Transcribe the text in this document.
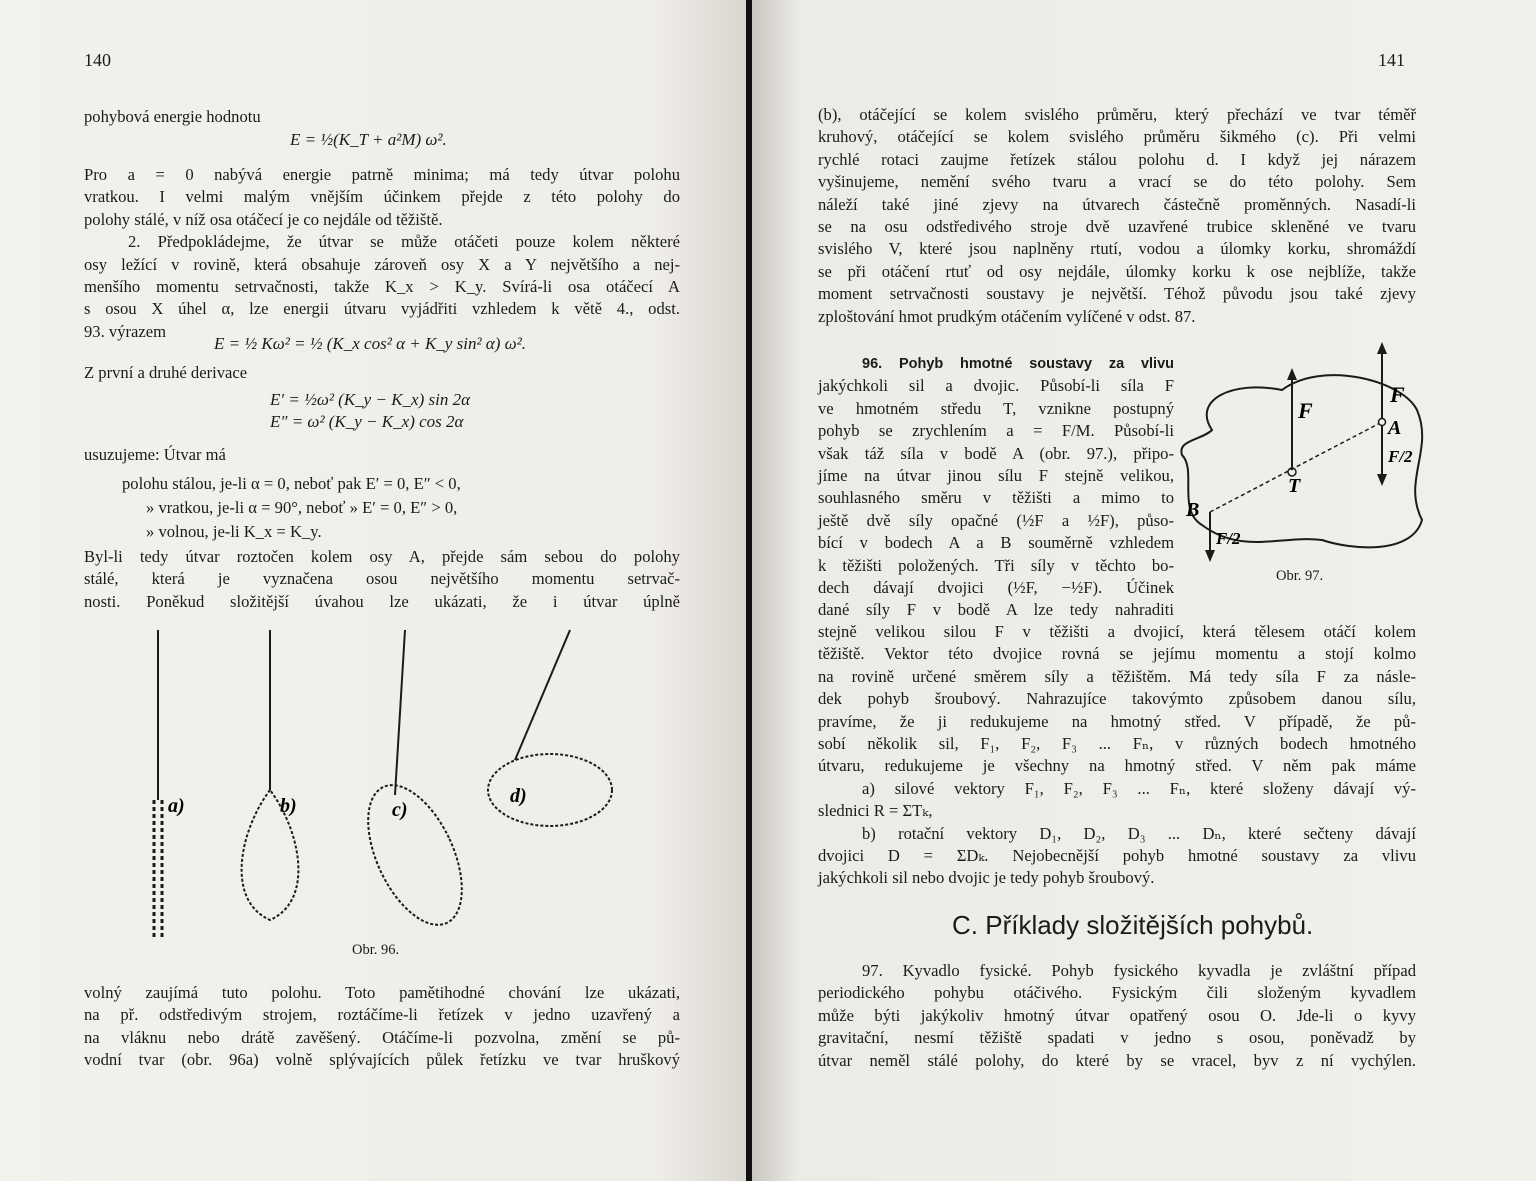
140
pohybová energie hodnotu
E = ½(K_T + a²M) ω².
Pro a = 0 nabývá energie patrně minima; má tedy útvar polohu
vratkou. I velmi malým vnějším účinkem přejde z této polohy do
polohy stálé, v níž osa otáčecí je co nejdále od těžiště.
2. Předpokládejme, že útvar se může otáčeti pouze kolem některé
osy ležící v rovině, která obsahuje zároveň osy X a Y největšího a nej-
menšího momentu setrvačnosti, takže K_x > K_y. Svírá-li osa otáčecí A
s osou X úhel α, lze energii útvaru vyjádřiti vzhledem k větě 4., odst.
93. výrazem
E = ½ Kω² = ½ (K_x cos² α + K_y sin² α) ω².
Z první a druhé derivace
E′ = ½ω² (K_y − K_x) sin 2α
E″ = ω² (K_y − K_x) cos 2α
usuzujeme: Útvar má
polohu stálou, je-li α = 0, neboť pak E′ = 0, E″ < 0,
» vratkou, je-li α = 90°, neboť » E′ = 0, E″ > 0,
» volnou, je-li K_x = K_y.
Byl-li tedy útvar roztočen kolem osy A, přejde sám sebou do polohy
stálé, která je vyznačena osou největšího momentu setrvač-
nosti. Poněkud složitější úvahou lze ukázati, že i útvar úplně
a)	b)	c)
d)
Obr. 96.
volný zaujímá tuto polohu. Toto pamětihodné chování lze ukázati,
na př. odstředivým strojem, roztáčíme-li řetízek v jedno uzavřený a
na vláknu nebo drátě zavěšený. Otáčíme-li pozvolna, změní se pů-
vodní tvar (obr. 96a) volně splývajících půlek řetízku ve tvar hruškový
141
(b), otáčející se kolem svislého průměru, který přechází ve tvar téměř
kruhový, otáčející se kolem svislého průměru šikmého (c). Při velmi
rychlé rotaci zaujme řetízek stálou polohu d. I když jej nárazem
vyšinujeme, nemění svého tvaru a vrací se do této polohy. Sem
náleží také jiné zjevy na útvarech částečně proměnných. Nasadí-li
se na osu odstředivého stroje dvě uzavřené trubice skleněné ve tvaru
svislého V, které jsou naplněny rtutí, vodou a úlomky korku, shromáždí
se při otáčení rtuť od osy nejdále, úlomky korku k ose nejblíže, takže
moment setrvačnosti soustavy je největší. Téhož původu jsou také zjevy
zploštování hmot prudkým otáčením vylíčené v odst. 87.
96. Pohyb hmotné soustavy za vlivu
jakýchkoli sil a dvojic. Působí-li síla F
ve hmotném středu T, vznikne postupný
pohyb se zrychlením a = F/M. Působí-li
však táž síla v bodě A (obr. 97.), připo-
jíme na útvar jinou sílu F stejně velikou,
souhlasného směru v těžišti a mimo to
ještě dvě síly opačné (½F a ½F), půso-
bící v bodech A a B souměrně vzhledem
k těžišti položených. Tři síly v těchto bo-
dech dávají dvojici (½F, −½F). Účinek
dané síly F v bodě A lze tedy nahraditi
F
F
A
F/2
T
B
F/2
Obr. 97.
stejně velikou silou F v těžišti a dvojicí, která tělesem otáčí kolem
těžiště. Vektor této dvojice rovná se jejímu momentu a stojí kolmo
na rovině určené směrem síly a těžištěm. Má tedy síla F za násle-
dek pohyb šroubový. Nahrazujíce takovýmto způsobem danou sílu,
pravíme, že ji redukujeme na hmotný střed. V případě, že pů-
sobí několik sil, F₁, F₂, F₃ ... Fₙ, v různých bodech hmotného
útvaru, redukujeme je všechny na hmotný střed. V něm pak máme
a) silové vektory F₁, F₂, F₃ ... Fₙ, které složeny dávají vý-
slednici R = ΣTₖ,
b) rotační vektory D₁, D₂, D₃ ... Dₙ, které sečteny dávají
dvojici D = ΣDₖ. Nejobecnější pohyb hmotné soustavy za vlivu
jakýchkoli sil nebo dvojic je tedy pohyb šroubový.
C. Příklady složitějších pohybů.
97. Kyvadlo fysické. Pohyb fysického kyvadla je zvláštní případ
periodického pohybu otáčivého. Fysickým čili složeným kyvadlem
může býti jakýkoliv hmotný útvar opatřený osou O. Jde-li o kyvy
gravitační, nesmí těžiště spadati v jedno s osou, poněvadž by
útvar neměl stálé polohy, do které by se vracel, byv z ní vychýlen.
